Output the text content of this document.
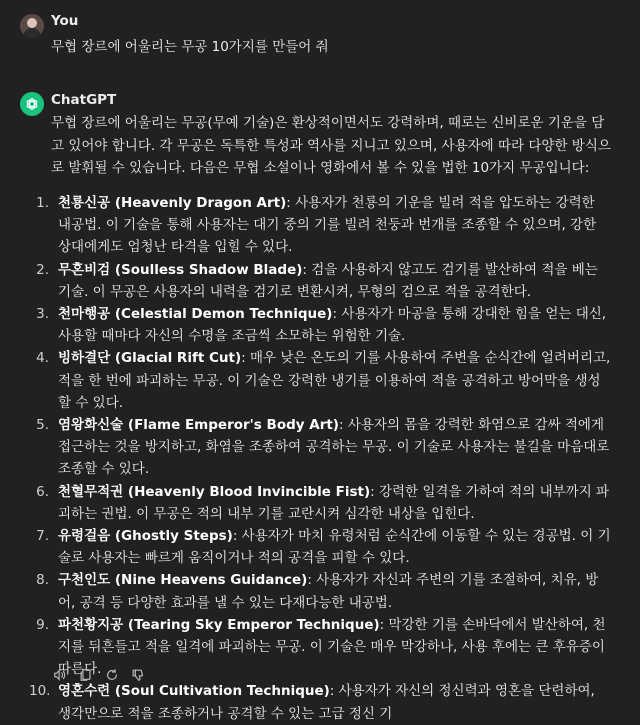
You
무협 장르에 어울리는 무공 10가지를 만들어 줘
ChatGPT

무협 장르에 어울리는 무공(무예 기술)은 환상적이면서도 강력하며, 때로는 신비로운 기운을 담고 있어야 합니다. 각 무공은 독특한 특성과 역사를 지니고 있으며, 사용자에 따라 다양한 방식으로 발휘될 수 있습니다. 다음은 무협 소설이나 영화에서 볼 수 있을 법한 10가지 무공입니다:

1. 천룡신공 (Heavenly Dragon Art): 사용자가 천룡의 기운을 빌려 적을 압도하는 강력한 내공법. 이 기술을 통해 사용자는 대기 중의 기를 빌려 천둥과 번개를 조종할 수 있으며, 강한 상대에게도 엄청난 타격을 입힐 수 있다.
2. 무혼비검 (Soulless Shadow Blade): 검을 사용하지 않고도 검기를 발산하여 적을 베는 기술. 이 무공은 사용자의 내력을 검기로 변환시켜, 무형의 검으로 적을 공격한다.
3. 천마행공 (Celestial Demon Technique): 사용자가 마공을 통해 강대한 힘을 얻는 대신, 사용할 때마다 자신의 수명을 조금씩 소모하는 위험한 기술.
4. 빙하결단 (Glacial Rift Cut): 매우 낮은 온도의 기를 사용하여 주변을 순식간에 얼려버리고, 적을 한 번에 파괴하는 무공. 이 기술은 강력한 냉기를 이용하여 적을 공격하고 방어막을 생성할 수 있다.
5. 염왕화신술 (Flame Emperor's Body Art): 사용자의 몸을 강력한 화염으로 감싸 적에게 접근하는 것을 방지하고, 화염을 조종하여 공격하는 무공. 이 기술로 사용자는 불길을 마음대로 조종할 수 있다.
6. 천혈무적권 (Heavenly Blood Invincible Fist): 강력한 일격을 가하여 적의 내부까지 파괴하는 권법. 이 무공은 적의 내부 기를 교란시켜 심각한 내상을 입힌다.
7. 유령걸음 (Ghostly Steps): 사용자가 마치 유령처럼 순식간에 이동할 수 있는 경공법. 이 기술로 사용자는 빠르게 움직이거나 적의 공격을 피할 수 있다.
8. 구천인도 (Nine Heavens Guidance): 사용자가 자신과 주변의 기를 조절하여, 치유, 방어, 공격 등 다양한 효과를 낼 수 있는 다재다능한 내공법.
9. 파천황지공 (Tearing Sky Emperor Technique): 막강한 기를 손바닥에서 발산하여, 천지를 뒤흔들고 적을 일격에 파괴하는 무공. 이 기술은 매우 막강하나, 사용 후에는 큰 후유증이 따른다.
10. 영혼수련 (Soul Cultivation Technique): 사용자가 자신의 정신력과 영혼을 단련하여, 생각만으로 적을 조종하거나 공격할 수 있는 고급 정신 기
